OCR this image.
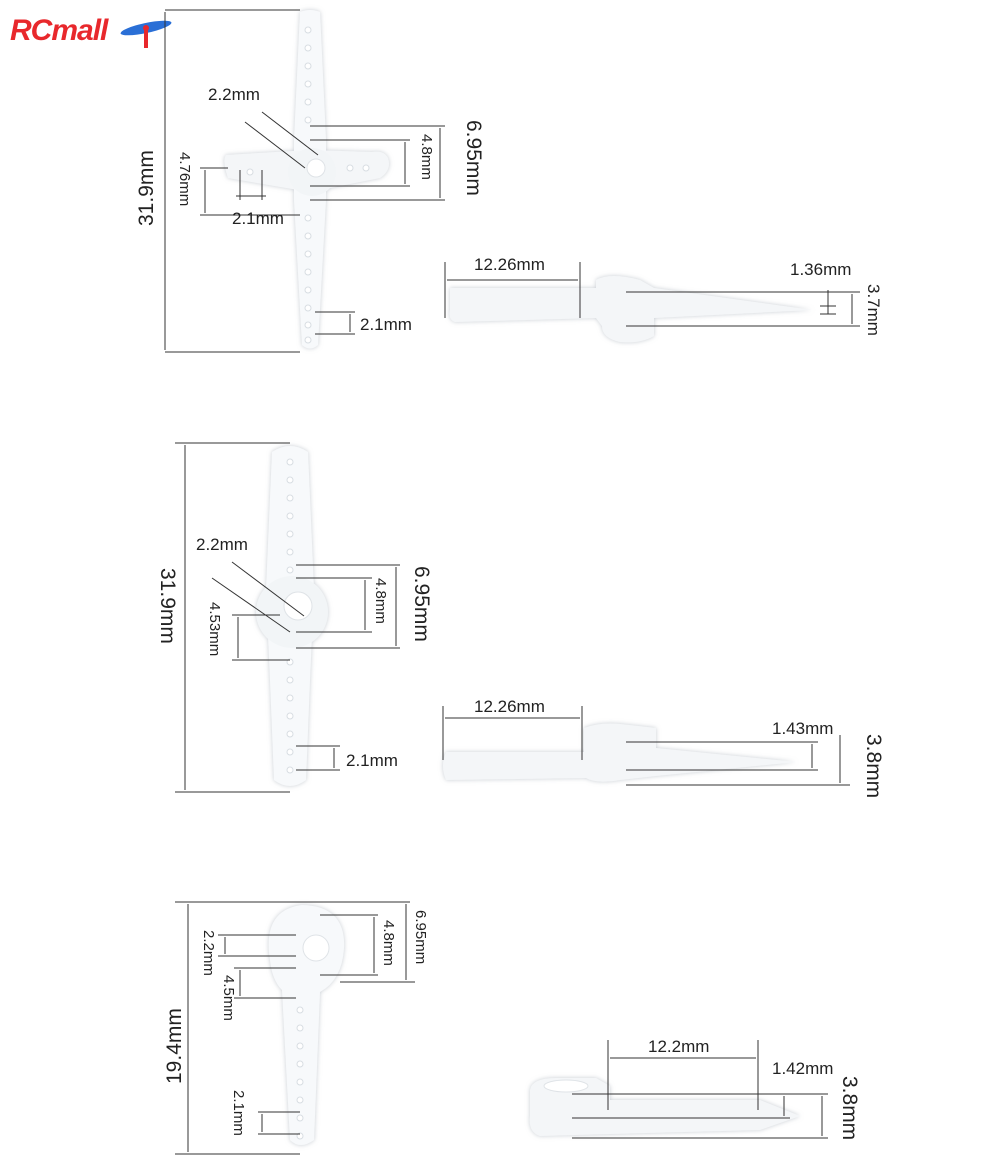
RCmall
31.9mm
2.2mm
6.95mm
4.8mm
4.76mm
2.1mm
2.1mm
12.26mm	1.36mm
3.7mm
31.9mm
2.2mm
6.95mm
4.8mm
4.53mm
2.1mm
12.26mm
1.43mm
3.8mm
19.4mm
2.2mm	6.95mm
4.8mm
4.5mm
2.1mm
12.2mm
1.42mm
3.8mm
